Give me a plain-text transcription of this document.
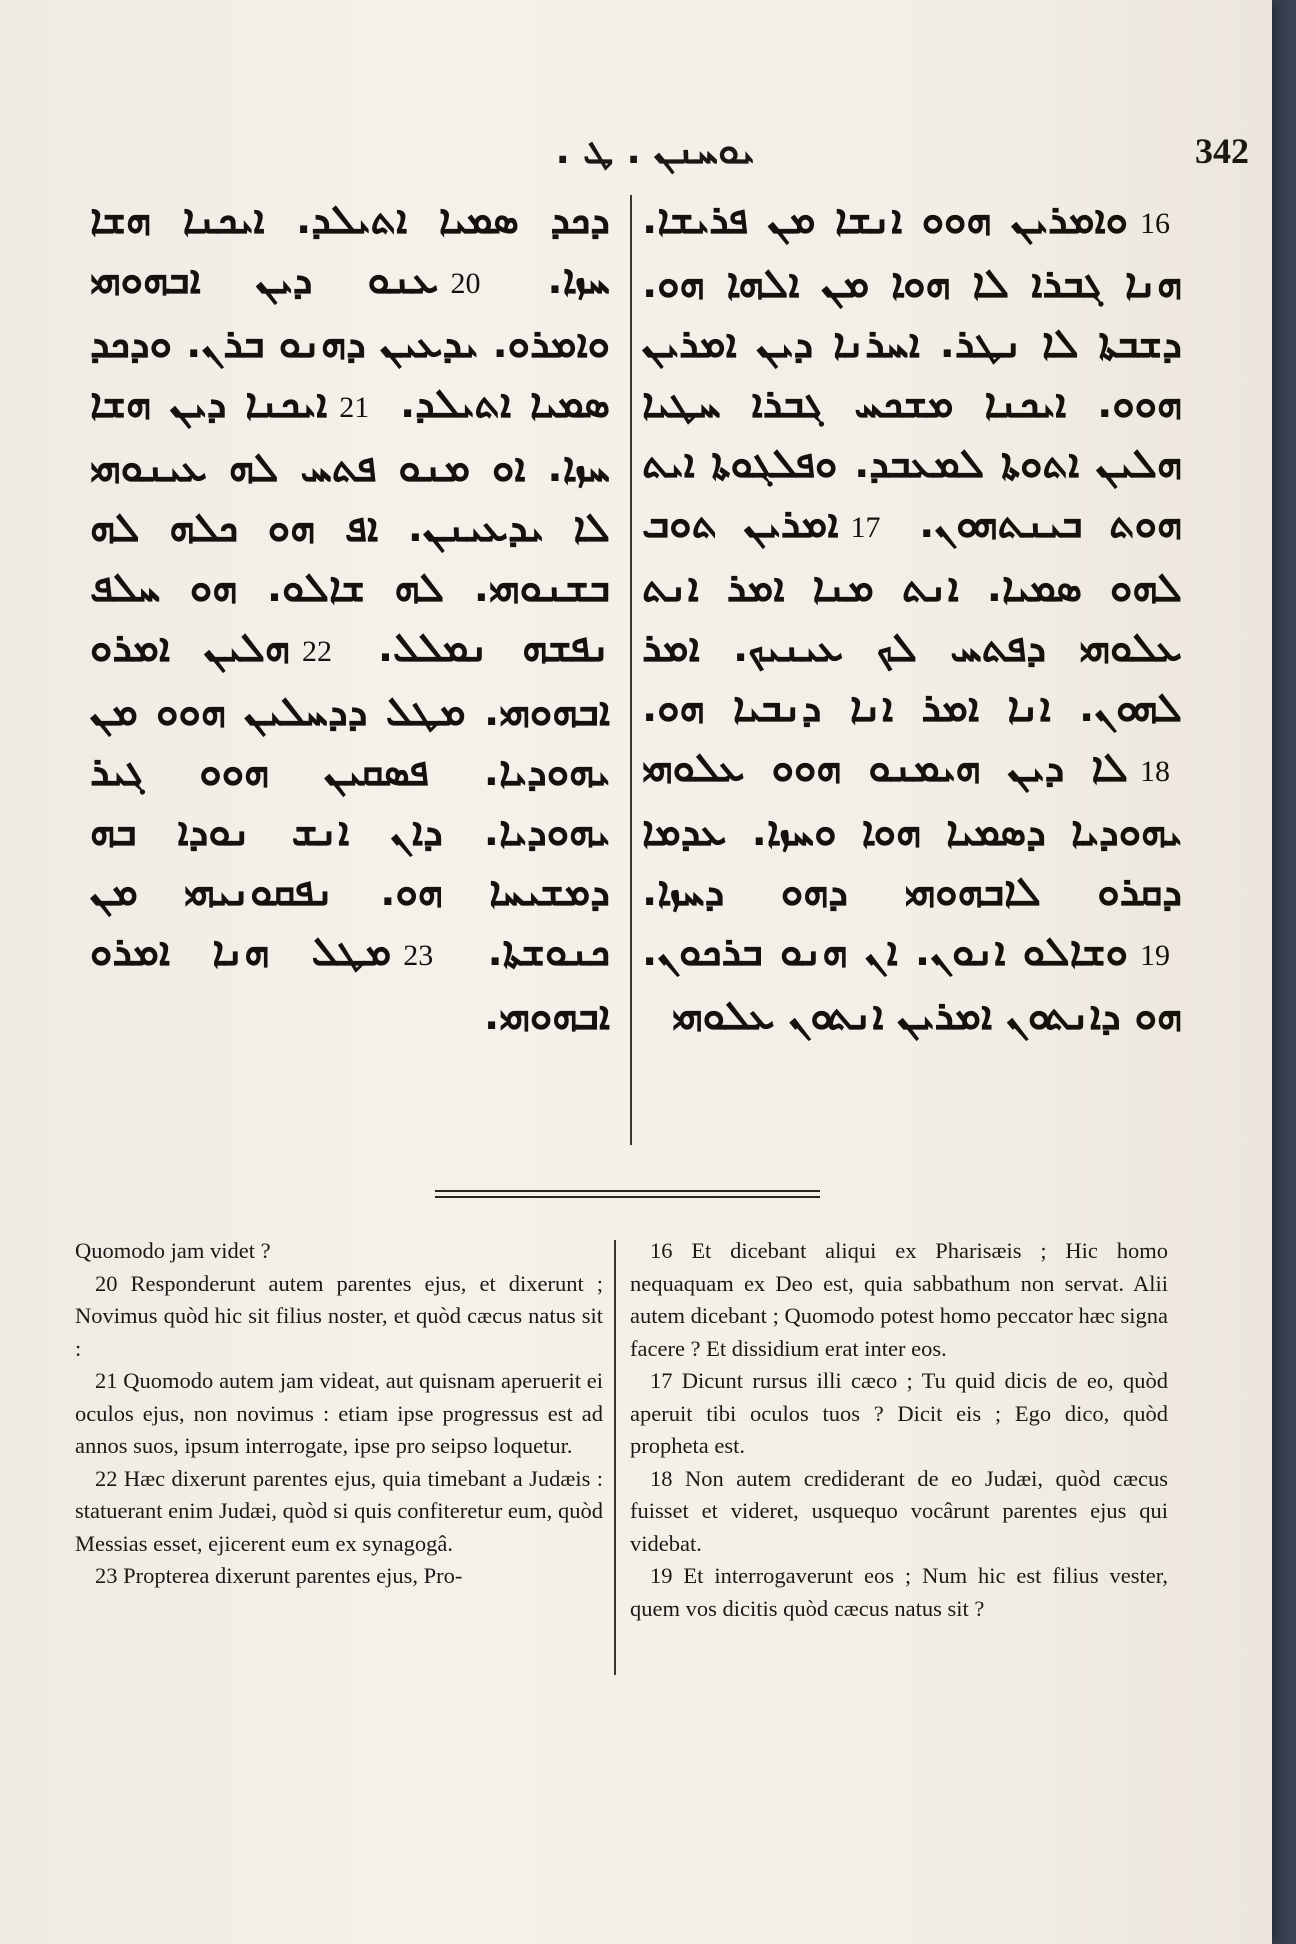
ܝܘܚܢܢ . ܛ .	342
16ܘܐܡܪܝܢ ܗܘܘ ܐܢܫܐ ܡܢ ܦܪܝܫܐ. ܗܢܐ ܓܒܪܐ ܠܐ ܗܘܐ ܡܢ ܐܠܗܐ ܗܘ. ܕܫܒܬܐ ܠܐ ܢܛܪ. ܐܚܪܢܐ ܕܝܢ ܐܡܪܝܢ ܗܘܘ. ܐܝܟܢܐ ܡܫܟܚ ܓܒܪܐ ܚܛܝܐ ܗܠܝܢ ܐܬܘܬܐ ܠܡܥܒܕ. ܘܦܠܓܘܬܐ ܐܝܬ ܗܘܬ ܒܝܢܬܗܘܢ. 17ܐܡܪܝܢ ܬܘܒ ܠܗܘ ܣܡܝܐ. ܐܢܬ ܡܢܐ ܐܡܪ ܐܢܬ ܥܠܘܗܝ ܕܦܬܚ ܠܟ ܥܝܢܝܟ. ܐܡܪ ܠܗܘܢ. ܐܢܐ ܐܡܪ ܐܢܐ ܕܢܒܝܐ ܗܘ. 18ܠܐ ܕܝܢ ܗܝܡܢܘ ܗܘܘ ܥܠܘܗܝ ܝܗܘܕܝܐ ܕܣܡܝܐ ܗܘܐ ܘܚܙܐ. ܥܕܡܐ ܕܩܪܘ ܠܐܒܗܘܗܝ ܕܗܘ ܕܚܙܐ. 19ܘܫܐܠܘ ܐܢܘܢ. ܐܢ ܗܢܘ ܒܪܟܘܢ. ܗܘ ܕܐܢܬܘܢ ܐܡܪܝܢ ܐܢܬܘܢ ܥܠܘܗܝ
ܕܟܕ ܣܡܝܐ ܐܬܝܠܕ. ܐܝܟܢܐ ܗܫܐ ܚܙܐ. 20ܥܢܘ ܕܝܢ ܐܒܗܘܗܝ ܘܐܡܪܘ. ܝܕܥܝܢ ܕܗܢܘ ܒܪܢ. ܘܕܟܕ ܣܡܝܐ ܐܬܝܠܕ. 21ܐܝܟܢܐ ܕܝܢ ܗܫܐ ܚܙܐ. ܐܘ ܡܢܘ ܦܬܚ ܠܗ ܥܝܢܘܗܝ ܠܐ ܝܕܥܝܢܢ. ܐܦ ܗܘ ܟܠܗ ܠܗ ܒܫܢܘܗܝ. ܠܗ ܫܐܠܘ. ܗܘ ܚܠܦ ܢܦܫܗ ܢܡܠܠ. 22ܗܠܝܢ ܐܡܪܘ ܐܒܗܘܗܝ. ܡܛܠ ܕܕܚܠܝܢ ܗܘܘ ܡܢ ܝܗܘܕܝܐ. ܦܣܩܝܢ ܗܘܘ ܓܝܪ ܝܗܘܕܝܐ. ܕܐܢ ܐܢܫ ܢܘܕܐ ܒܗ ܕܡܫܝܚܐ ܗܘ. ܢܦܩܘܢܝܗܝ ܡܢ ܟܢܘܫܬܐ. 23ܡܛܠ ܗܢܐ ܐܡܪܘ ܐܒܗܘܗܝ.

Quomodo jam videt ?

20 Responderunt autem parentes ejus, et dixerunt ; Novimus quòd hic sit filius noster, et quòd cæcus natus sit :

21 Quomodo autem jam videat, aut quisnam aperuerit ei oculos ejus, non novimus : etiam ipse progressus est ad annos suos, ipsum interrogate, ipse pro seipso loquetur.

22 Hæc dixerunt parentes ejus, quia timebant a Judæis : statuerant enim Judæi, quòd si quis confiteretur eum, quòd Messias esset, ejicerent eum ex synagogâ.

23 Propterea dixerunt parentes ejus, Pro-

16 Et dicebant aliqui ex Pharisæis ; Hic homo nequaquam ex Deo est, quia sabbathum non servat. Alii autem dicebant ; Quomodo potest homo peccator hæc signa facere ? Et dissidium erat inter eos.

17 Dicunt rursus illi cæco ; Tu quid dicis de eo, quòd aperuit tibi oculos tuos ? Dicit eis ; Ego dico, quòd propheta est.

18 Non autem crediderant de eo Judæi, quòd cæcus fuisset et videret, usquequo vocârunt parentes ejus qui videbat.

19 Et interrogaverunt eos ; Num hic est filius vester, quem vos dicitis quòd cæcus natus sit ?
